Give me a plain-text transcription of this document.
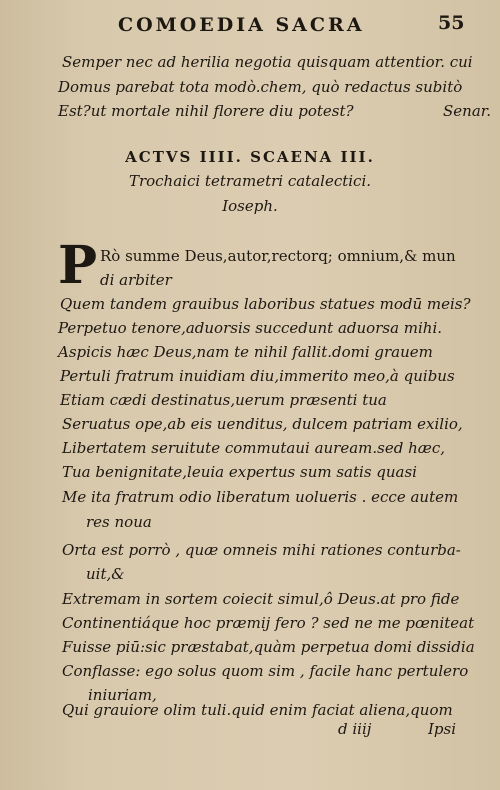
COMOEDIA SACRA	55
Semper nec ad herilia negotia quisquam attentior. cui
Domus parebat tota modò.chem, quò redactus subitò
Est?ut mortale nihil florere diu potest?	Senar.
ACTVS IIII. SCAENA III.
Trochaici tetrametri catalectici.
Ioseph.
P Rò summe Deus,autor,rectorq; omnium,& mun
di arbiter
Quem tandem grauibus laboribus statues modū meis?
Perpetuo tenore,aduorsis succedunt aduorsa mihi.
Aspicis hæc Deus,nam te nihil fallit.domi grauem
Pertuli fratrum inuidiam diu,immerito meo,à quibus
Etiam cædi destinatus,uerum præsenti tua
Seruatus ope,ab eis uenditus, dulcem patriam exilio,
Libertatem seruitute commutaui auream.sed hæc,
Tua benignitate,leuia expertus sum satis quasi
Me ita fratrum odio liberatum uolueris . ecce autem
res noua
Orta est porrò , quæ omneis mihi rationes conturba-
uit,&
Extremam in sortem coiecit simul,ô Deus.at pro fide
Continentiáque hoc præmij fero ? sed ne me pœniteat
Fuisse piū:sic præstabat,quàm perpetua domi dissidia
Conflasse: ego solus quom sim , facile hanc pertulero
iniuriam,
Qui grauiore olim tuli.quid enim faciat aliena,quom
d iiij	Ipsi
